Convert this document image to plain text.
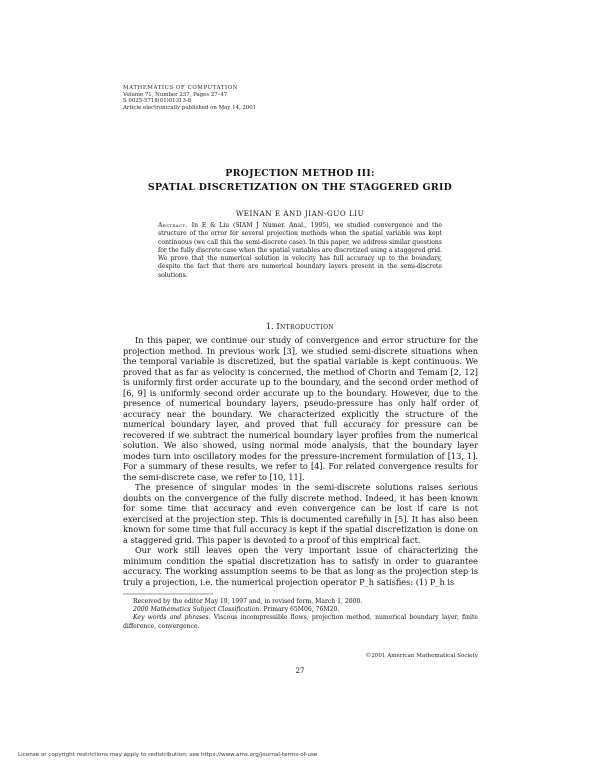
MATHEMATICS OF COMPUTATION
Volume 71, Number 237, Pages 27–47
S 0025-5718(01)01313-8
Article electronically published on May 14, 2001
PROJECTION METHOD III:
SPATIAL DISCRETIZATION ON THE STAGGERED GRID
WEINAN E AND JIAN-GUO LIU
Abstract. In E & Liu (SIAM J Numer. Anal., 1995), we studied convergence and the structure of the error for several projection methods when the spatial variable was kept continuous (we call this the semi-discrete case). In this paper, we address similar questions for the fully discrete case when the spatial variables are discretized using a staggered grid. We prove that the numerical solution in velocity has full accuracy up to the boundary, despite the fact that there are numerical boundary layers present in the semi-discrete solutions.
1. Introduction

In this paper, we continue our study of convergence and error structure for the projection method. In previous work [3], we studied semi-discrete situations when the temporal variable is discretized, but the spatial variable is kept continuous. We proved that as far as velocity is concerned, the method of Chorin and Temam [2, 12] is uniformly first order accurate up to the boundary, and the second order method of [6, 9] is uniformly second order accurate up to the boundary. However, due to the presence of numerical boundary layers, pseudo-pressure has only half order of accuracy near the boundary. We characterized explicitly the structure of the numerical boundary layer, and proved that full accuracy for pressure can be recovered if we subtract the numerical boundary layer profiles from the numerical solution. We also showed, using normal mode analysis, that the boundary layer modes turn into oscillatory modes for the pressure-increment formulation of [13, 1]. For a summary of these results, we refer to [4]. For related convergence results for the semi-discrete case, we refer to [10, 11].

The presence of singular modes in the semi-discrete solutions raises serious doubts on the convergence of the fully discrete method. Indeed, it has been known for some time that accuracy and even convergence can be lost if care is not exercised at the projection step. This is documented carefully in [5]. It has also been known for some time that full accuracy is kept if the spatial discretization is done on a staggered grid. This paper is devoted to a proof of this empirical fact.

Our work still leaves open the very important issue of characterizing the minimum condition the spatial discretization has to satisfy in order to guarantee accuracy. The working assumption seems to be that as long as the projection step is truly a projection, i.e. the numerical projection operator P_h satisfies: (1) P_h is

Received by the editor May 19, 1997 and, in revised form, March 1, 2000.

2000 Mathematics Subject Classification. Primary 65M06, 76M20.

Key words and phrases. Viscous incompressible flows, projection method, numerical boundary layer, finite difference, convergence.

©2001 American Mathematical Society
27
License or copyright restrictions may apply to redistribution; see https://www.ams.org/journal-terms-of-use
